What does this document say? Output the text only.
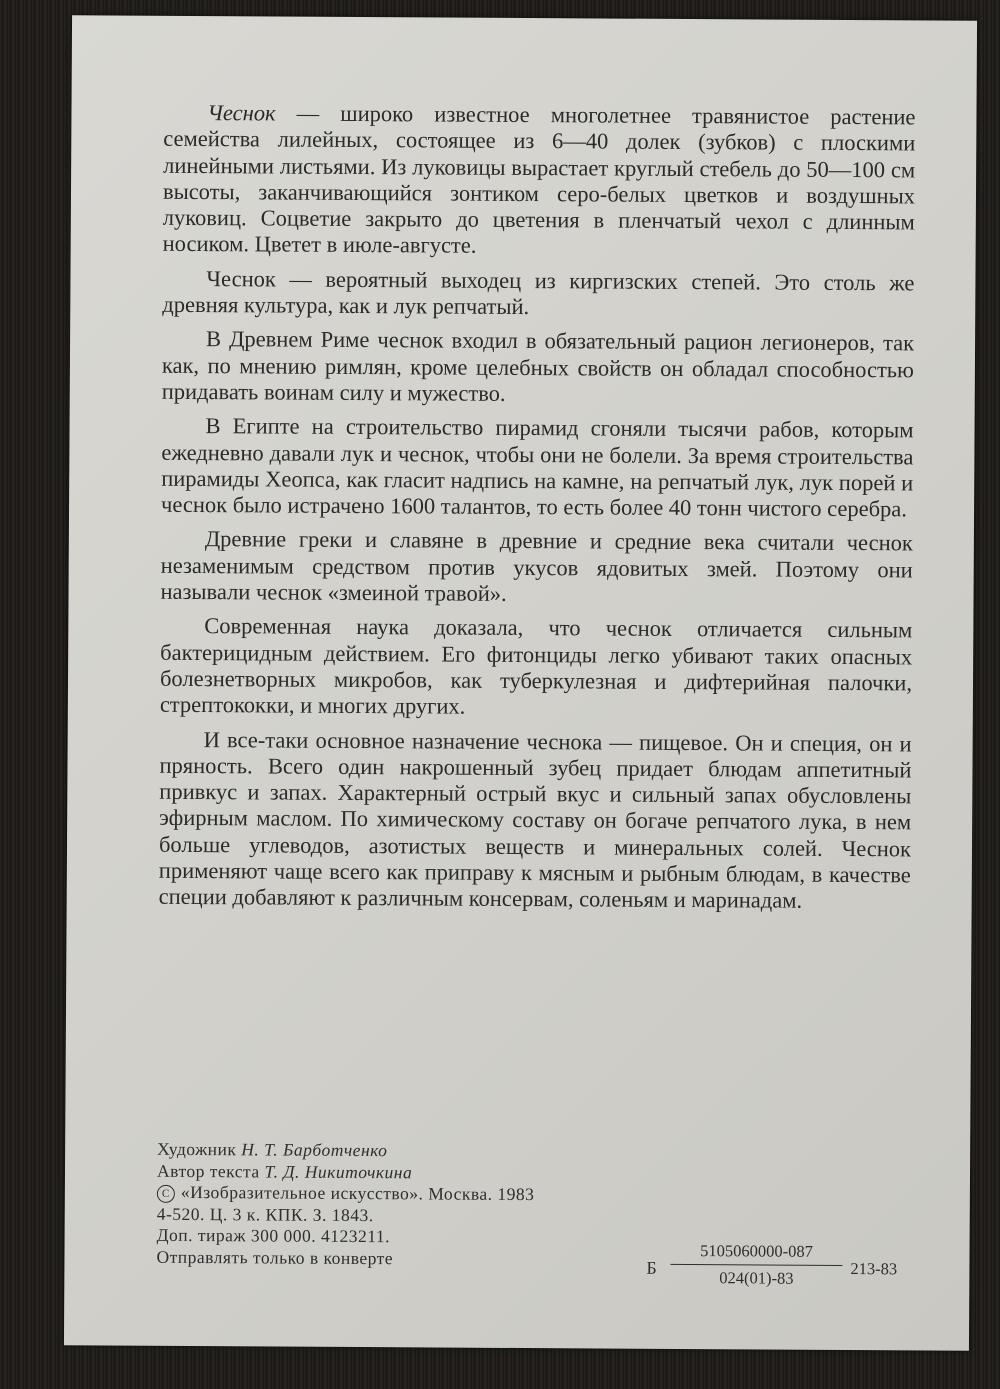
Чеснок — широко известное многолетнее травянистое растение семейства лилейных, состоящее из 6—40 долек (зубков) с плоскими линейными листьями. Из луковицы вырастает круглый стебель до 50—100 см высоты, заканчивающийся зонтиком серо-белых цветков и воздушных луковиц. Соцветие закрыто до цветения в пленчатый чехол с длинным носиком. Цветет в июле-августе.

Чеснок — вероятный выходец из киргизских степей. Это столь же древняя культура, как и лук репчатый.

В Древнем Риме чеснок входил в обязательный рацион легионеров, так как, по мнению римлян, кроме целебных свойств он обладал способностью придавать воинам силу и мужество.

В Египте на строительство пирамид сгоняли тысячи рабов, которым ежедневно давали лук и чеснок, чтобы они не болели. За время строительства пирамиды Хеопса, как гласит надпись на камне, на репчатый лук, лук порей и чеснок было истрачено 1600 талантов, то есть более 40 тонн чистого серебра.

Древние греки и славяне в древние и средние века считали чеснок незаменимым средством против укусов ядовитых змей. Поэтому они называли чеснок «змеиной травой».

Современная наука доказала, что чеснок отличается сильным бактерицидным действием. Его фитонциды легко убивают таких опасных болезнетворных микробов, как туберкулезная и дифтерийная палочки, стрептококки, и многих других.

И все-таки основное назначение чеснока — пищевое. Он и специя, он и пряность. Всего один накрошенный зубец придает блюдам аппетитный привкус и запах. Характерный острый вкус и сильный запах обусловлены эфирным маслом. По химическому составу он богаче репчатого лука, в нем больше углеводов, азотистых веществ и минеральных солей. Чеснок применяют чаще всего как приправу к мясным и рыбным блюдам, в качестве специи добавляют к различным консервам, соленьям и маринадам.

Художник Н. Т. Барботченко
Автор текста Т. Д. Никиточкина
C «Изобразительное искусство». Москва. 1983
4-520. Ц. 3 к. КПК. З. 1843.
Доп. тираж 300 000. 4123211.
Отправлять только в конверте
Б
5105060000-087
024(01)-83	213-83
